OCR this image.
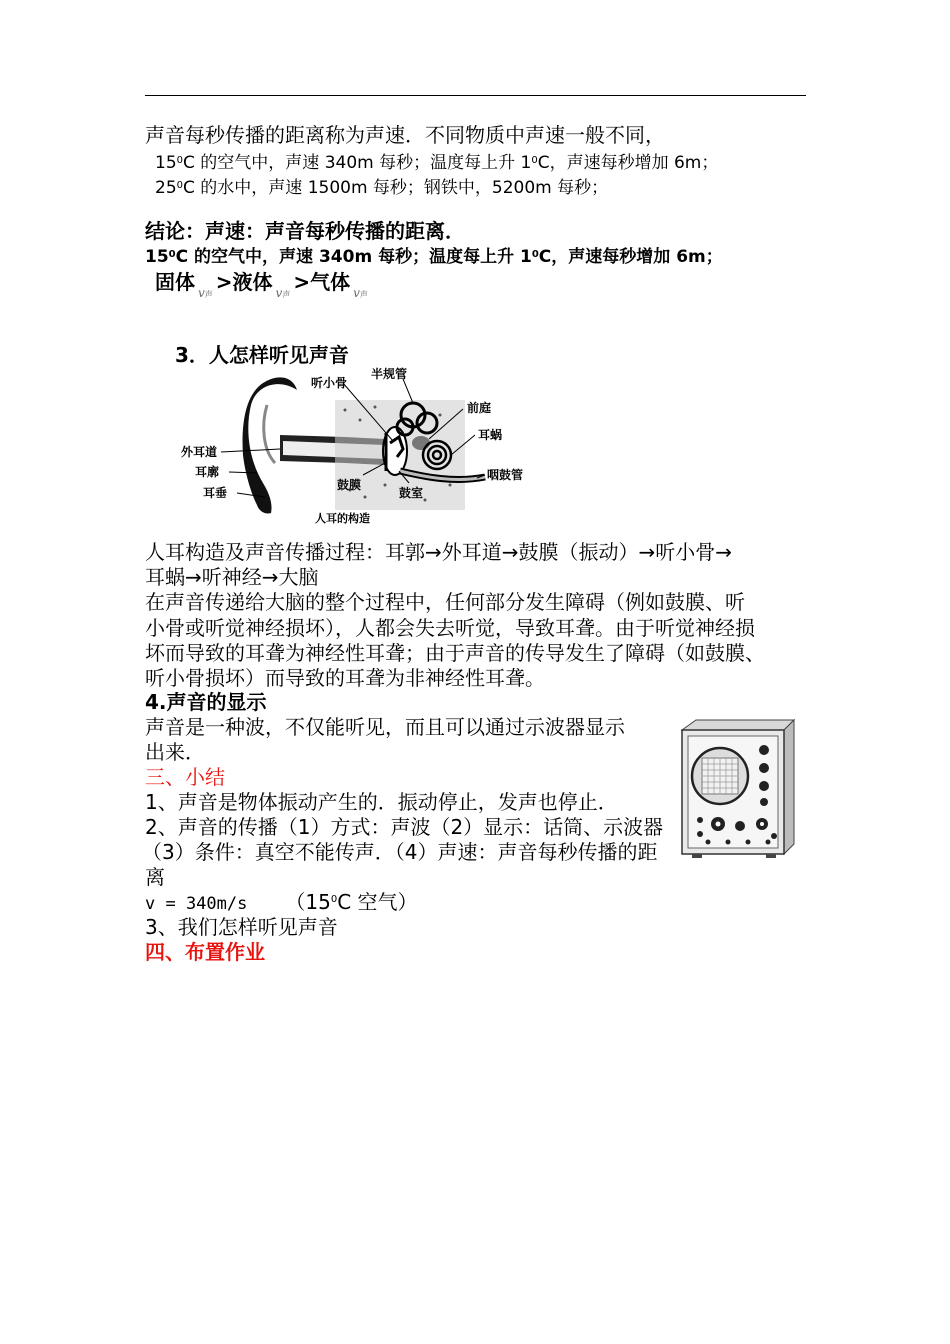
声音每秒传播的距离称为声速．不同物质中声速一般不同，
$15^0C$ 的空气中，声速 340m 每秒；温度每上升 $1^0C$，声速每秒增加 6m；
$25^0C$ 的水中，声速 1500m 每秒；钢铁中，5200m 每秒；
结论：声速：声音每秒传播的距离．
$15^0C$ 的空气中，声速 340m 每秒；温度每上升 $1^0C$，声速每秒增加 6m；
固体 v声>液体 v声>气体 v声
3．人怎样听见声音
听小骨
半规管
前庭
耳蜗
外耳道
耳廓
耳垂
鼓膜
鼓室
咽鼓管
人耳的构造
人耳构造及声音传播过程：耳郭→外耳道→鼓膜（振动）→听小骨→
耳蜗→听神经→大脑
在声音传递给大脑的整个过程中，任何部分发生障碍（例如鼓膜、听
小骨或听觉神经损坏），人都会失去听觉，导致耳聋。由于听觉神经损
坏而导致的耳聋为神经性耳聋；由于声音的传导发生了障碍（如鼓膜、
听小骨损坏）而导致的耳聋为非神经性耳聋。
4.声音的显示
声音是一种波，不仅能听见，而且可以通过示波器显示
出来．
三、小结
1、声音是物体振动产生的．振动停止，发声也停止．
2、声音的传播（1）方式：声波（2）显示：话筒、示波器
（3）条件：真空不能传声．（4）声速：声音每秒传播的距
离
v = 340m/s （$15^0C$ 空气）
3、我们怎样听见声音
四、布置作业
